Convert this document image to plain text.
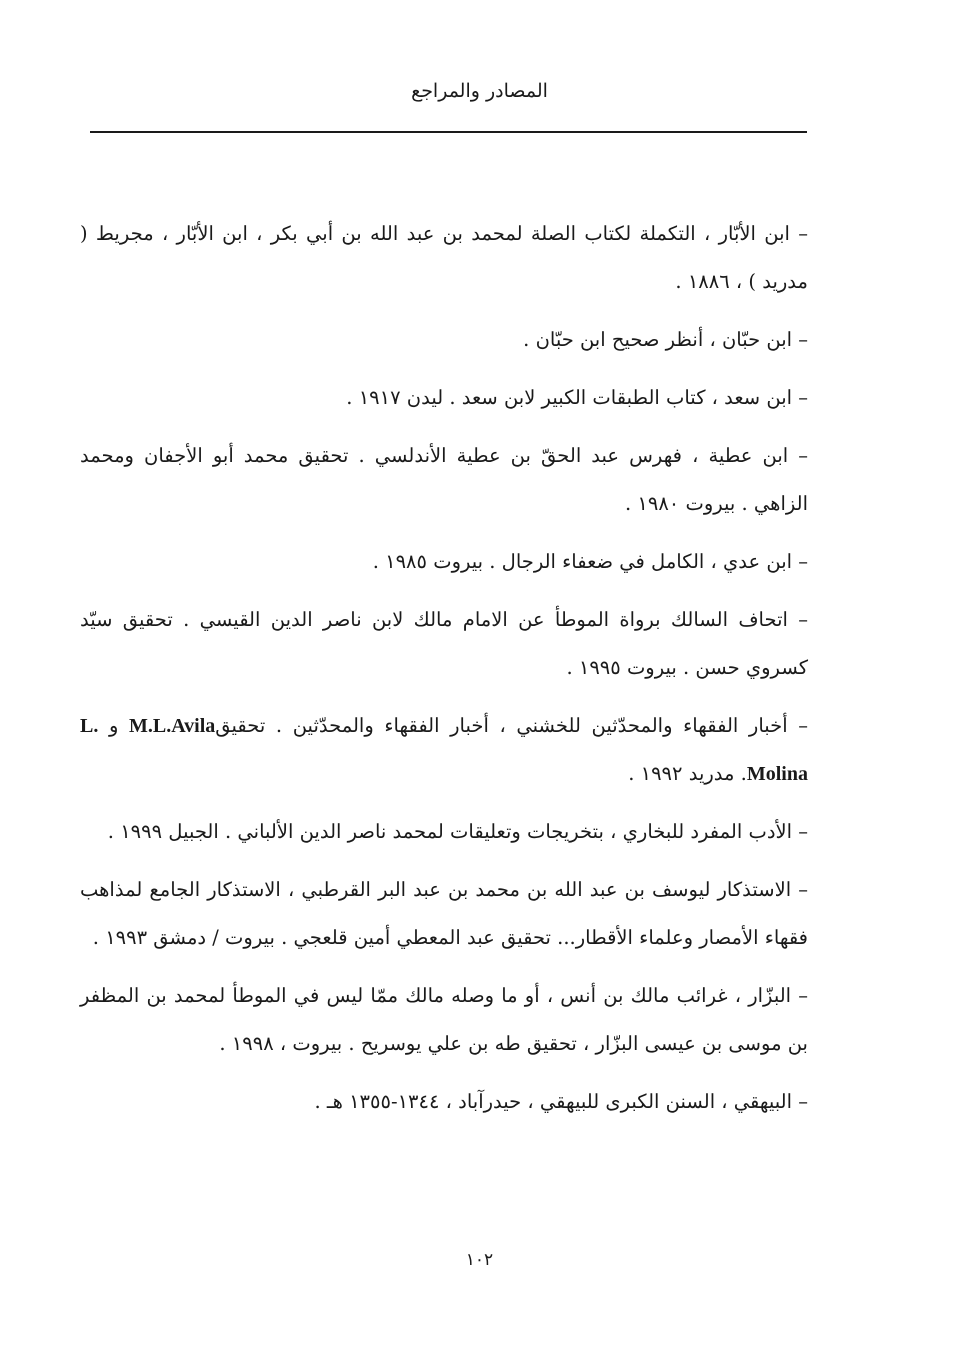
المصادر والمراجع

– ابن الأبّار ، التكملة لكتاب الصلة لمحمد بن عبد الله بن أبي بكر ، ابن الأبّار ، مجريط ( مدريد ) ، ١٨٨٦ .

– ابن حبّان ، أنظر صحيح ابن حبّان .

– ابن سعد ، كتاب الطبقات الكبير لابن سعد . ليدن ١٩١٧ .

– ابن عطية ، فهرس عبد الحقّ بن عطية الأندلسي . تحقيق محمد أبو الأجفان ومحمد الزاهي . بيروت ١٩٨٠ .

– ابن عدي ، الكامل في ضعفاء الرجال . بيروت ١٩٨٥ .

– اتحاف السالك برواة الموطأ عن الامام مالك لابن ناصر الدين القيسي . تحقيق سيّد كسروي حسن . بيروت ١٩٩٥ .

– أخبار الفقهاء والمحدّثين للخشني ، أخبار الفقهاء والمحدّثين . تحقيقM.L.Avila و L. Molina. مدريد ١٩٩٢ .

– الأدب المفرد للبخاري ، بتخريجات وتعليقات لمحمد ناصر الدين الألباني . الجبيل ١٩٩٩ .

– الاستذكار ليوسف بن عبد الله بن محمد بن عبد البر القرطبي ، الاستذكار الجامع لمذاهب فقهاء الأمصار وعلماء الأقطار... تحقيق عبد المعطي أمين قلعجي . بيروت / دمشق ١٩٩٣ .

– البزّار ، غرائب مالك بن أنس ، أو ما وصله مالك ممّا ليس في الموطأ لمحمد بن المظفر بن موسى بن عيسى البزّار ، تحقيق طه بن علي يوسريح . بيروت ، ١٩٩٨ .

– البيهقي ، السنن الكبرى للبيهقي ، حيدرآباد ، ١٣٤٤-١٣٥٥ هـ .

١٠٢
